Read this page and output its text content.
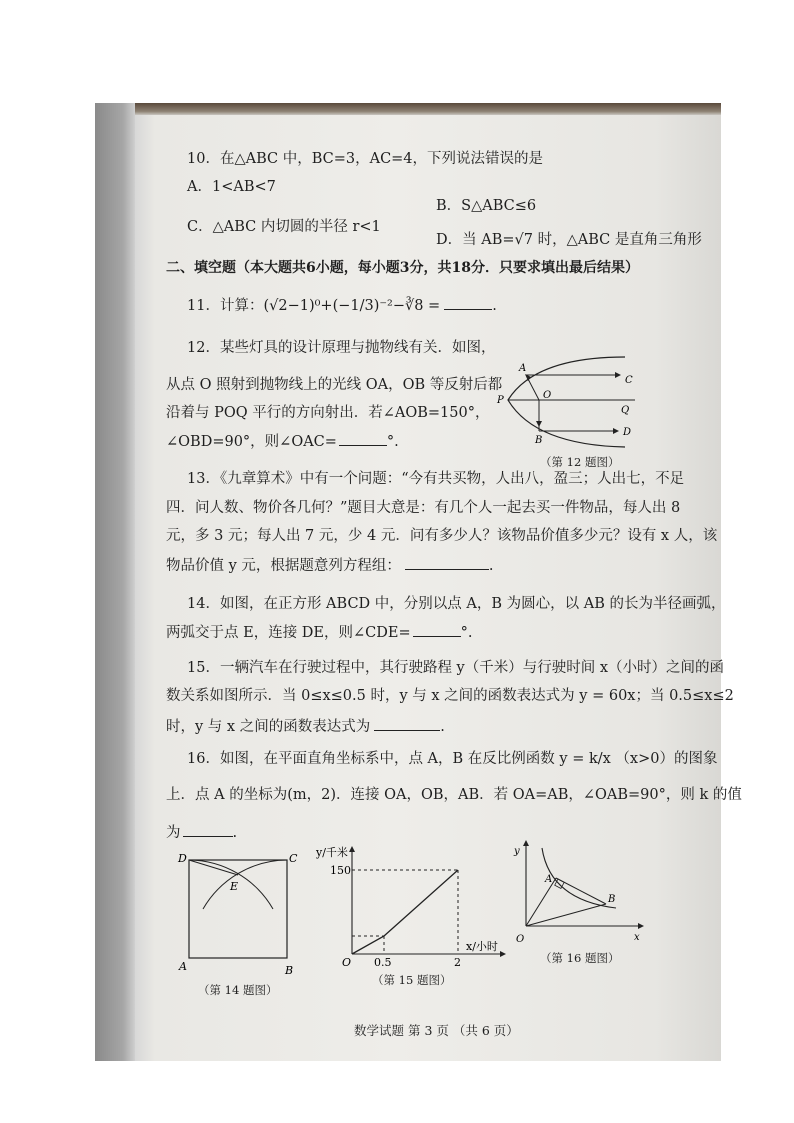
10．在△ABC 中，BC=3，AC=4，下列说法错误的是
A．1<AB<7
B．S△ABC≤6
C．△ABC 内切圆的半径 r<1
D．当 AB=√7 时，△ABC 是直角三角形
二、填空题（本大题共6小题，每小题3分，共18分．只要求填出最后结果）
11．计算：(√2−1)⁰+(−1/3)⁻²−∛8 =	.
12．某些灯具的设计原理与抛物线有关．如图，
从点 O 照射到抛物线上的光线 OA，OB 等反射后都
沿着与 POQ 平行的方向射出．若∠AOB=150°，
∠OBD=90°，则∠OAC=	°.
A
O
P
Q
B
C
D
（第 12 题图）
13．《九章算术》中有一个问题：“今有共买物，人出八，盈三；人出七，不足
四．问人数、物价各几何？”题目大意是：有几个人一起去买一件物品，每人出 8
元，多 3 元；每人出 7 元，少 4 元．问有多少人？该物品价值多少元？设有 x 人，该
物品价值 y 元，根据题意列方程组：	.
14．如图，在正方形 ABCD 中，分别以点 A，B 为圆心，以 AB 的长为半径画弧，
两弧交于点 E，连接 DE，则∠CDE=	°.
15．一辆汽车在行驶过程中，其行驶路程 y（千米）与行驶时间 x（小时）之间的函
数关系如图所示．当 0≤x≤0.5 时，y 与 x 之间的函数表达式为 y = 60x；当 0.5≤x≤2
时，y 与 x 之间的函数表达式为	.
16．如图，在平面直角坐标系中，点 A，B 在反比例函数 y = k/x （x>0）的图象
上．点 A 的坐标为(m，2)．连接 OA，OB，AB．若 OA=AB，∠OAB=90°，则 k 的值
为	.
D	C
E
A	B
（第 14 题图）
y/千米
150
O 0.5	2
x/小时
（第 15 题图）
y
x
O
A
B
（第 16 题图）
数学试题 第 3 页 （共 6 页）
